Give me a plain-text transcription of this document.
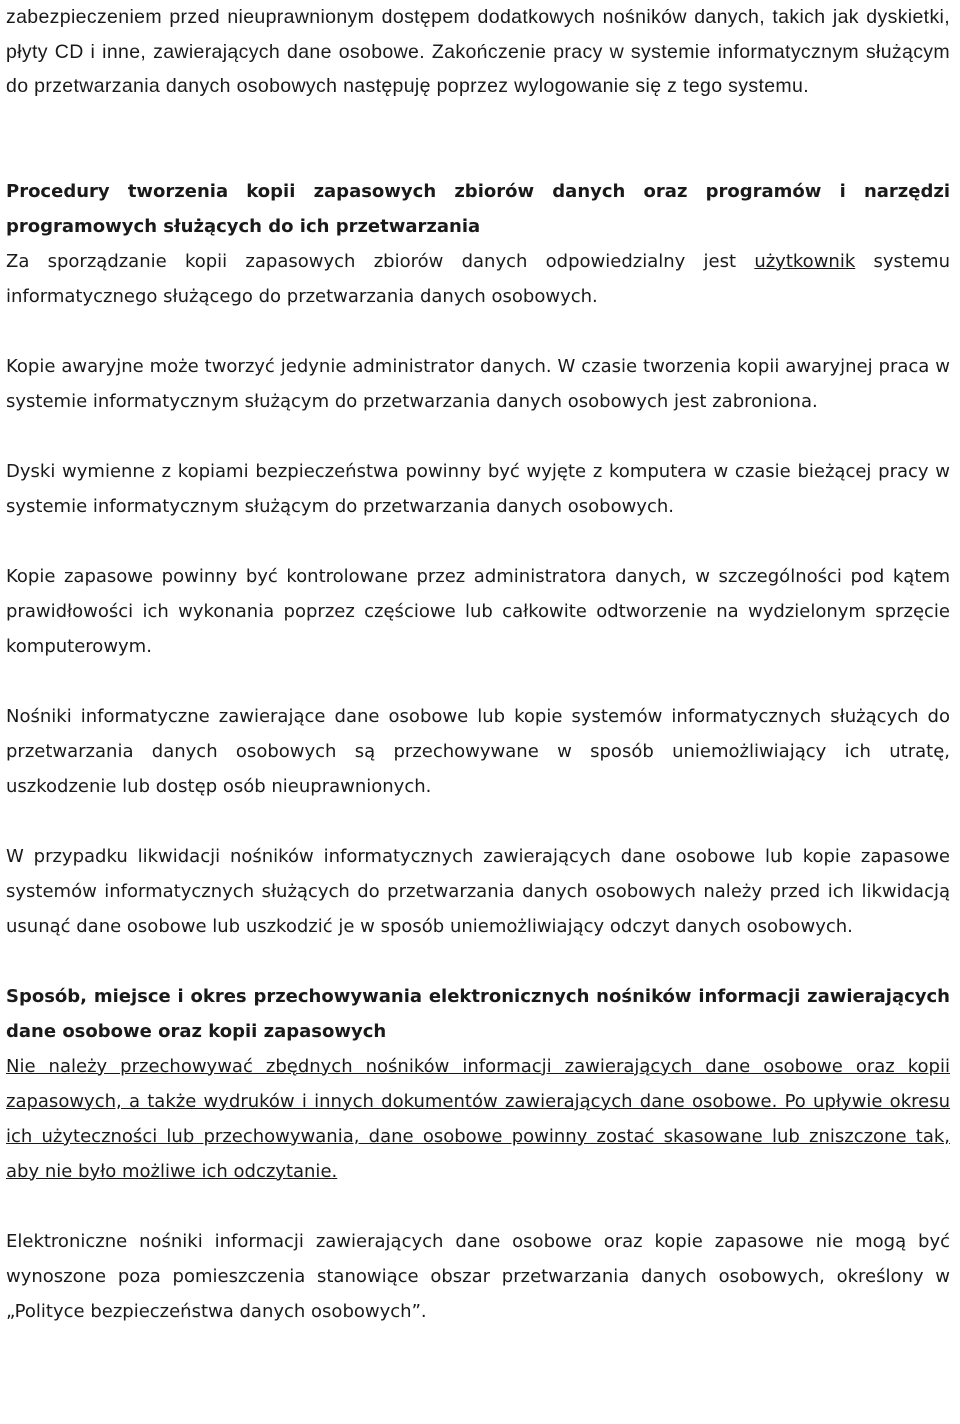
zabezpieczeniem przed nieuprawnionym dostępem dodatkowych nośników danych, takich jak dyskietki, płyty CD i inne, zawierających dane osobowe. Zakończenie pracy w systemie informatycznym służącym do przetwarzania danych osobowych następuję poprzez wylogowanie się z tego systemu.

Procedury tworzenia kopii zapasowych zbiorów danych oraz programów i narzędzi programowych służących do ich przetwarzania

Za sporządzanie kopii zapasowych zbiorów danych odpowiedzialny jest użytkownik systemu informatycznego służącego do przetwarzania danych osobowych.

Kopie awaryjne może tworzyć jedynie administrator danych. W czasie tworzenia kopii awaryjnej praca w systemie informatycznym służącym do przetwarzania danych osobowych jest zabroniona.

Dyski wymienne z kopiami bezpieczeństwa powinny być wyjęte z komputera w czasie bieżącej pracy w systemie informatycznym służącym do przetwarzania danych osobowych.

Kopie zapasowe powinny być kontrolowane przez administratora danych, w szczególności pod kątem prawidłowości ich wykonania poprzez częściowe lub całkowite odtworzenie na wydzielonym sprzęcie komputerowym.

Nośniki informatyczne zawierające dane osobowe lub kopie systemów informatycznych służących do przetwarzania danych osobowych są przechowywane w sposób uniemożliwiający ich utratę, uszkodzenie lub dostęp osób nieuprawnionych.

W przypadku likwidacji nośników informatycznych zawierających dane osobowe lub kopie zapasowe systemów informatycznych służących do przetwarzania danych osobowych należy przed ich likwidacją usunąć dane osobowe lub uszkodzić je w sposób uniemożliwiający odczyt danych osobowych.

Sposób, miejsce i okres przechowywania elektronicznych nośników informacji zawierających dane osobowe oraz kopii zapasowych

Nie należy przechowywać zbędnych nośników informacji zawierających dane osobowe oraz kopii zapasowych, a także wydruków i innych dokumentów zawierających dane osobowe. Po upływie okresu ich użyteczności lub przechowywania, dane osobowe powinny zostać skasowane lub zniszczone tak, aby nie było możliwe ich odczytanie.

Elektroniczne nośniki informacji zawierających dane osobowe oraz kopie zapasowe nie mogą być wynoszone poza pomieszczenia stanowiące obszar przetwarzania danych osobowych, określony w „Polityce bezpieczeństwa danych osobowych”.
